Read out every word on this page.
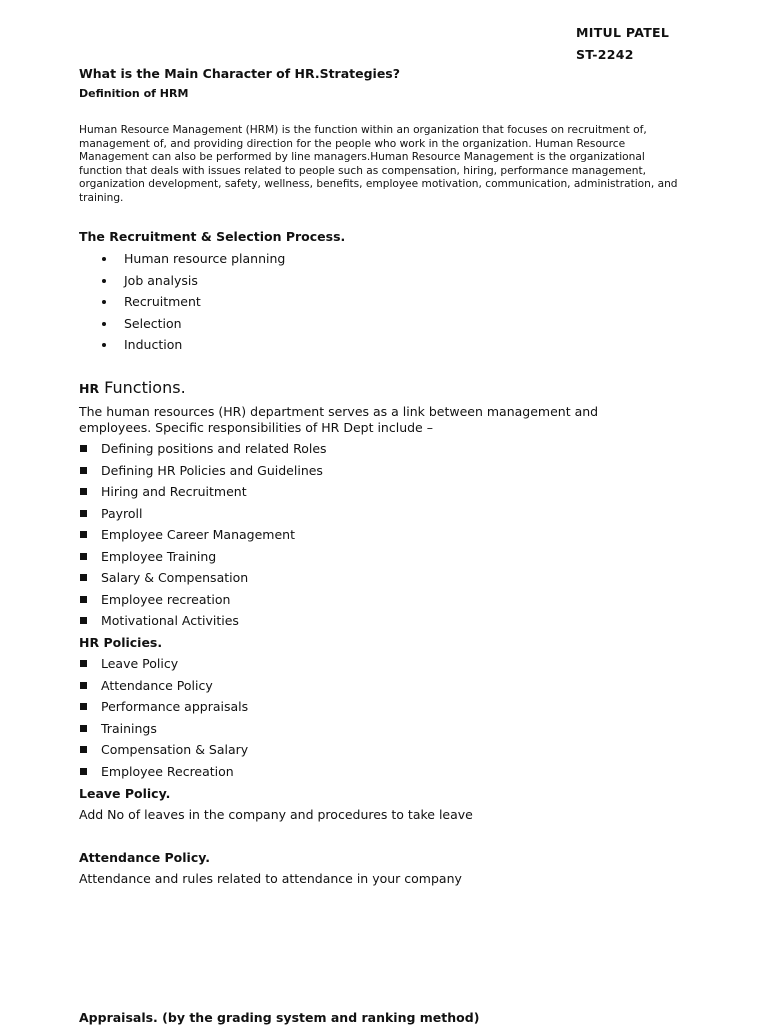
MITUL PATEL
ST-2242
What is the Main Character of HR.Strategies?
Definition of HRM
Human Resource Management (HRM) is the function within an organization that focuses on recruitment of, management of, and providing direction for the people who work in the organization. Human Resource Management can also be performed by line managers.Human Resource Management is the organizational function that deals with issues related to people such as compensation, hiring, performance management, organization development, safety, wellness, benefits, employee motivation, communication, administration, and training.
The Recruitment & Selection Process.
Human resource planning
Job analysis
Recruitment
Selection
Induction
HR Functions.
The human resources (HR) department serves as a link between management and employees. Specific responsibilities of HR Dept include –
Defining positions and related Roles
Defining HR Policies and Guidelines
Hiring and Recruitment
Payroll
Employee Career Management
Employee Training
Salary & Compensation
Employee recreation
Motivational Activities
HR Policies.
Leave Policy
Attendance Policy
Performance appraisals
Trainings
Compensation & Salary
Employee Recreation
Leave Policy.
Add No of leaves in the company and procedures to take leave
Attendance Policy.
Attendance and rules related to attendance in your company
Appraisals. (by the grading system and ranking method)
